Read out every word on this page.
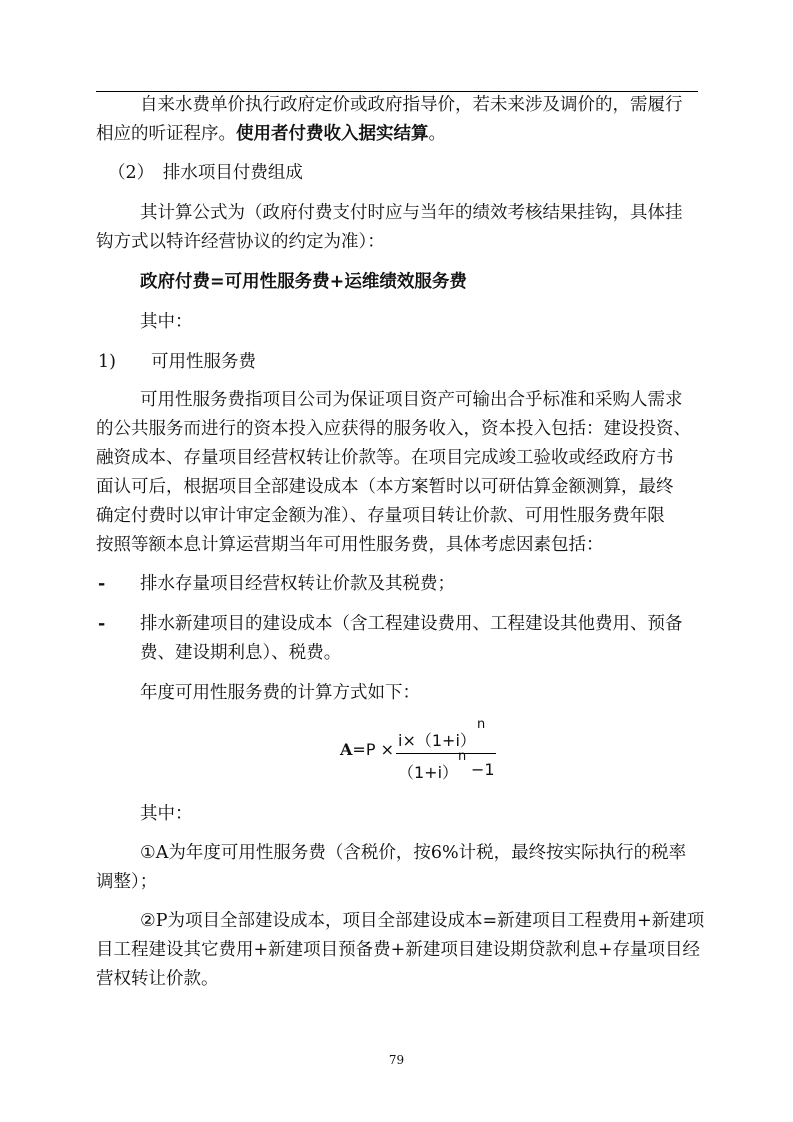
自来水费单价执行政府定价或政府指导价，若未来涉及调价的，需履行
相应的听证程序。使用者付费收入据实结算。
（2）　排水项目付费组成
其计算公式为（政府付费支付时应与当年的绩效考核结果挂钩，具体挂
钩方式以特许经营协议的约定为准）：
政府付费=可用性服务费+运维绩效服务费
其中：
1)　　可用性服务费
可用性服务费指项目公司为保证项目资产可输出合乎标准和采购人需求
的公共服务而进行的资本投入应获得的服务收入，资本投入包括：建设投资、
融资成本、存量项目经营权转让价款等。在项目完成竣工验收或经政府方书
面认可后，根据项目全部建设成本（本方案暂时以可研估算金额测算，最终
确定付费时以审计审定金额为准）、存量项目转让价款、可用性服务费年限
按照等额本息计算运营期当年可用性服务费，具体考虑因素包括：
- 排水存量项目经营权转让价款及其税费；
- 排水新建项目的建设成本（含工程建设费用、工程建设其他费用、预备
费、建设期利息）、税费。
年度可用性服务费的计算方式如下：
A=P × i×（1+i）
n
（1+i）
n
−1
其中：
①A为年度可用性服务费（含税价，按6%计税，最终按实际执行的税率
调整）；
②P为项目全部建设成本，项目全部建设成本=新建项目工程费用+新建项
目工程建设其它费用+新建项目预备费+新建项目建设期贷款利息+存量项目经
营权转让价款。
79
